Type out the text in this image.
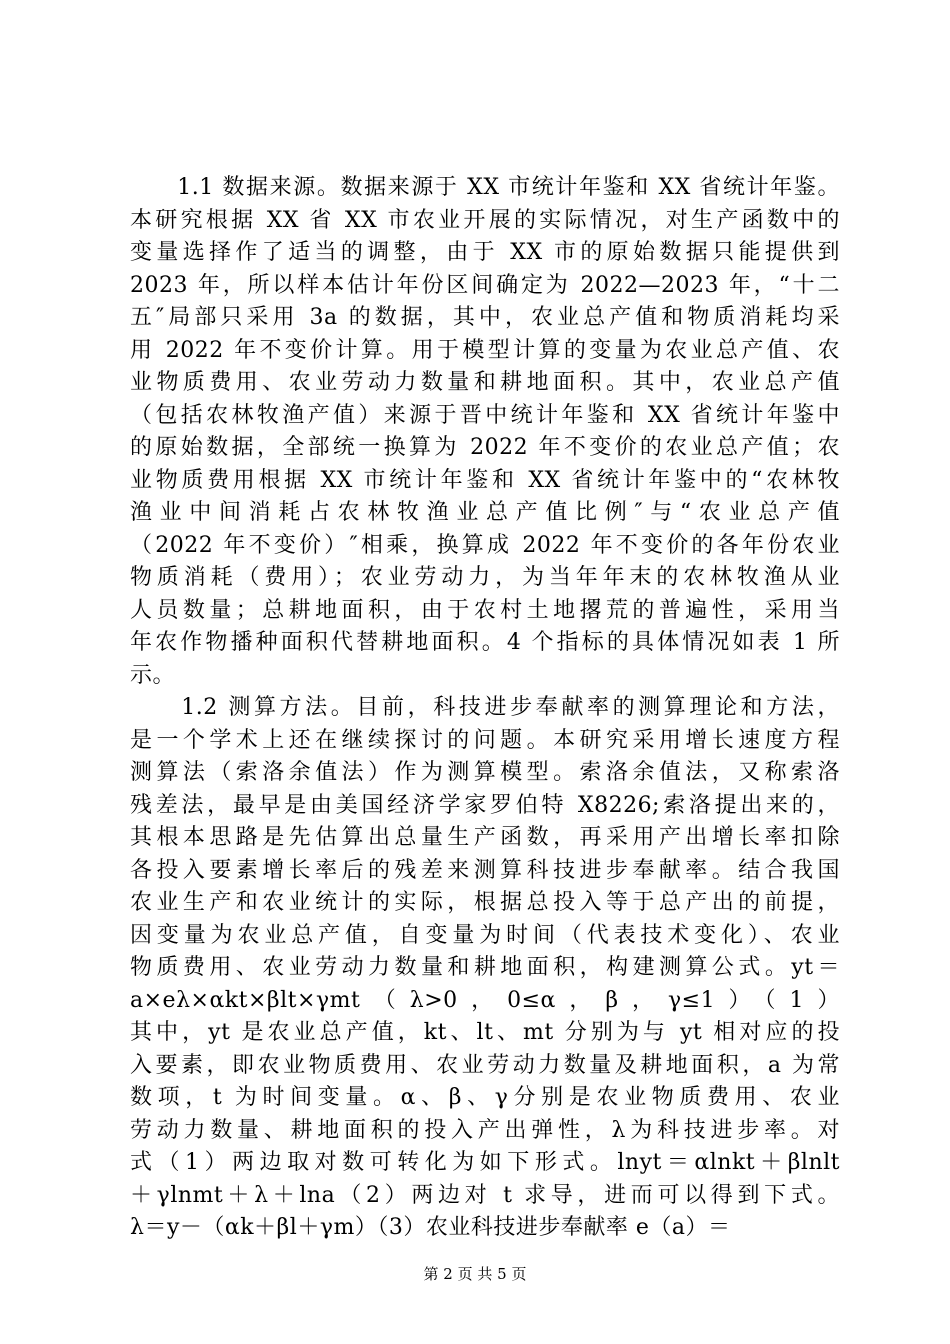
　　1.1 数据来源。数据来源于 XX 市统计年鉴和 XX 省统计年鉴。
本研究根据 XX 省 XX 市农业开展的实际情况，对生产函数中的
变量选择作了适当的调整，由于 XX 市的原始数据只能提供到
2023 年，所以样本估计年份区间确定为 2022—2023 年，“十二
五″局部只采用 3a 的数据，其中，农业总产值和物质消耗均采
用 2022 年不变价计算。用于模型计算的变量为农业总产值、农
业物质费用、农业劳动力数量和耕地面积。其中，农业总产值
（包括农林牧渔产值）来源于晋中统计年鉴和 XX 省统计年鉴中
的原始数据，全部统一换算为 2022 年不变价的农业总产值；农
业物质费用根据 XX 市统计年鉴和 XX 省统计年鉴中的“农林牧
渔业中间消耗占农林牧渔业总产值比例″与“农业总产值
（2022 年不变价）″相乘，换算成 2022 年不变价的各年份农业
物质消耗（费用）；农业劳动力，为当年年末的农林牧渔从业
人员数量；总耕地面积，由于农村土地撂荒的普遍性，采用当
年农作物播种面积代替耕地面积。4 个指标的具体情况如表 1 所
示。
　　1.2 测算方法。目前，科技进步奉献率的测算理论和方法，
是一个学术上还在继续探讨的问题。本研究采用增长速度方程
测算法（索洛余值法）作为测算模型。索洛余值法，又称索洛
残差法，最早是由美国经济学家罗伯特 X8226;索洛提出来的，
其根本思路是先估算出总量生产函数，再采用产出增长率扣除
各投入要素增长率后的残差来测算科技进步奉献率。结合我国
农业生产和农业统计的实际，根据总投入等于总产出的前提，
因变量为农业总产值，自变量为时间（代表技术变化）、农业
物质费用、农业劳动力数量和耕地面积，构建测算公式。yt＝
a×eλ×αkt×βlt×γmt（λ>0，0≤α，β，γ≤1）（1）
其中，yt 是农业总产值，kt、lt、mt 分别为与 yt 相对应的投
入要素，即农业物质费用、农业劳动力数量及耕地面积，a 为常
数项，t 为时间变量。α、β、γ分别是农业物质费用、农业
劳动力数量、耕地面积的投入产出弹性，λ为科技进步率。对
式（1）两边取对数可转化为如下形式。lnyt＝αlnkt＋βlnlt
＋γlnmt＋λ＋lna（2）两边对 t 求导，进而可以得到下式。
λ＝y－（αk＋βl＋γm）（3）农业科技进步奉献率 e（a）＝
第 2 页 共 5 页
